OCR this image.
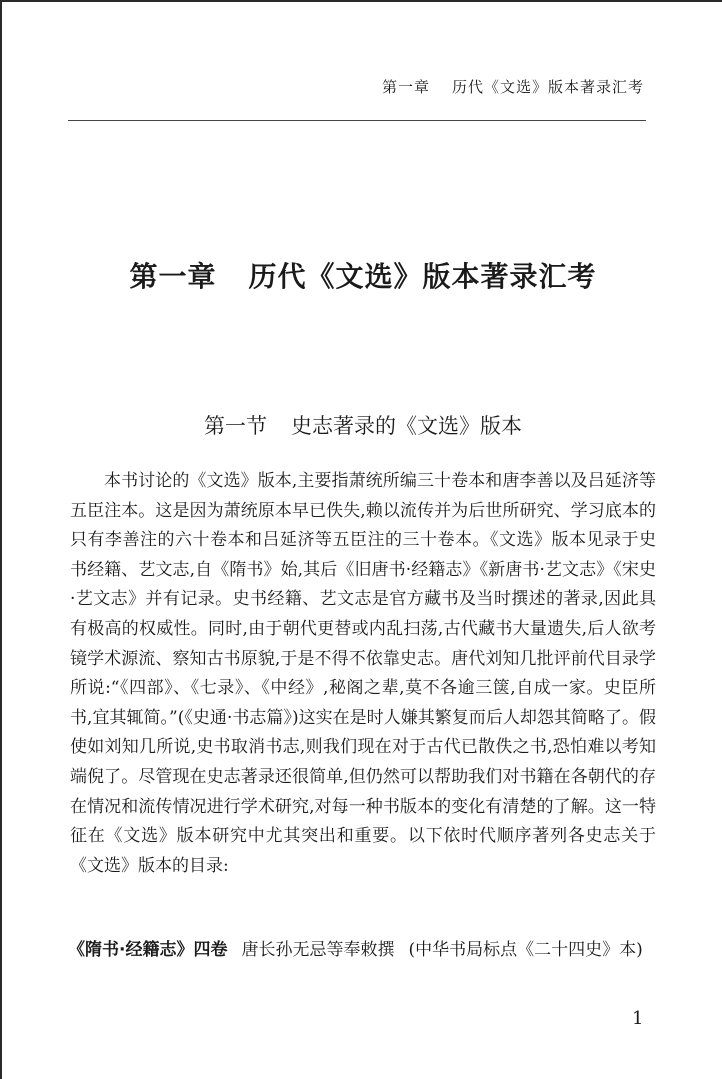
第一章 历代《文选》版本著录汇考
第一章 历代《文选》版本著录汇考
第一节 史志著录的《文选》版本

本书讨论的《文选》版本,主要指萧统所编三十卷本和唐李善以及吕延济等五臣注本。这是因为萧统原本早已佚失,赖以流传并为后世所研究、学习底本的只有李善注的六十卷本和吕延济等五臣注的三十卷本。《文选》版本见录于史书经籍、艺文志,自《隋书》始,其后《旧唐书·经籍志》《新唐书·艺文志》《宋史·艺文志》并有记录。史书经籍、艺文志是官方藏书及当时撰述的著录,因此具有极高的权威性。同时,由于朝代更替或内乱扫荡,古代藏书大量遗失,后人欲考镜学术源流、察知古书原貌,于是不得不依靠史志。唐代刘知几批评前代目录学所说:“《四部》、《七录》、《中经》,秘阁之辈,莫不各逾三箧,自成一家。史臣所书,宜其辄简。”(《史通·书志篇》)这实在是时人嫌其繁复而后人却怨其简略了。假使如刘知几所说,史书取消书志,则我们现在对于古代已散佚之书,恐怕难以考知端倪了。尽管现在史志著录还很简单,但仍然可以帮助我们对书籍在各朝代的存在情况和流传情况进行学术研究,对每一种书版本的变化有清楚的了解。这一特征在《文选》版本研究中尤其突出和重要。以下依时代顺序著列各史志关于《文选》版本的目录:

《隋书·经籍志》四卷 唐长孙无忌等奉敕撰 (中华书局标点《二十四史》本)
1
